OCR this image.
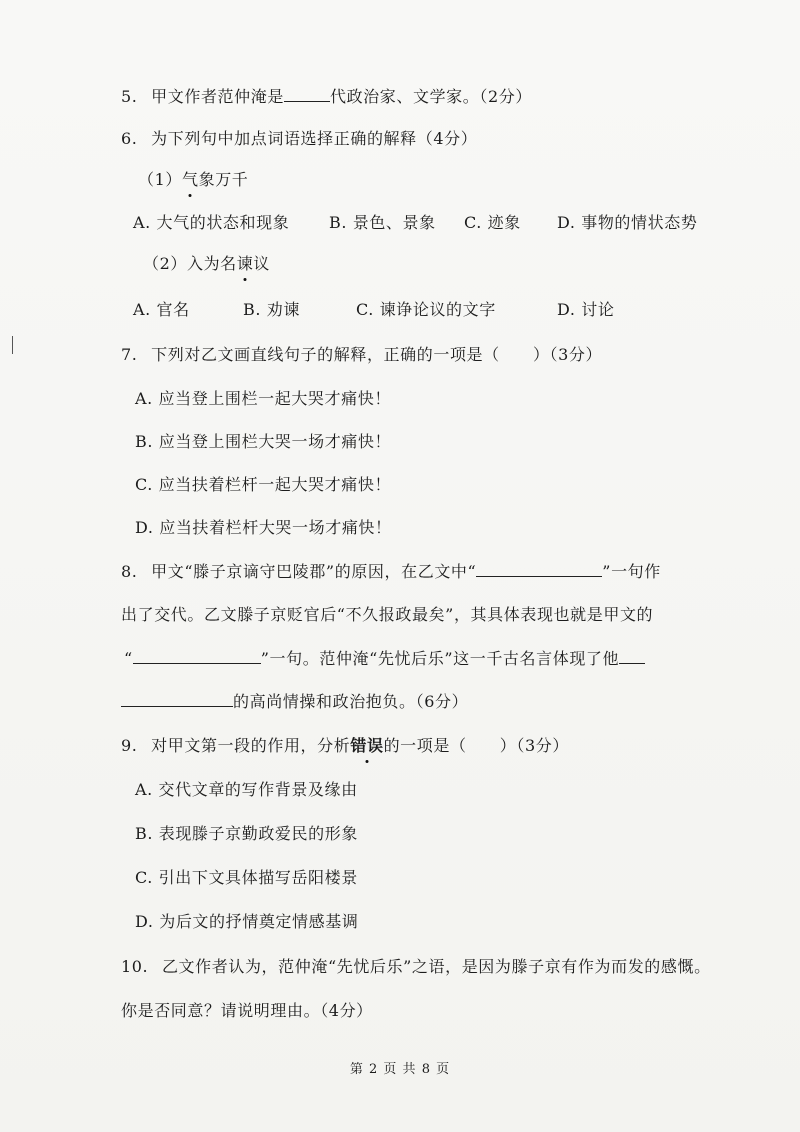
5. 甲文作者范仲淹是	代政治家、文学家。（2分）
6. 为下列句中加点词语选择正确的解释（4分）
（1）气象万千
A. 大气的状态和现象 B. 景色、景象 C. 迹象 D. 事物的情状态势
（2）入为名谏议
A. 官名	B. 劝谏	C. 谏诤论议的文字	D. 讨论
7. 下列对乙文画直线句子的解释，正确的一项是（　　）（3分）
A. 应当登上围栏一起大哭才痛快！
B. 应当登上围栏大哭一场才痛快！
C. 应当扶着栏杆一起大哭才痛快！
D. 应当扶着栏杆大哭一场才痛快！
8. 甲文“滕子京谪守巴陵郡”的原因，在乙文中“	”一句作
出了交代。乙文滕子京贬官后“不久报政最矣”，其具体表现也就是甲文的
“	”一句。范仲淹“先忧后乐”这一千古名言体现了他
的高尚情操和政治抱负。（6分）
9. 对甲文第一段的作用，分析错误的一项是（　　）（3分）
A. 交代文章的写作背景及缘由
B. 表现滕子京勤政爱民的形象
C. 引出下文具体描写岳阳楼景
D. 为后文的抒情奠定情感基调
10. 乙文作者认为，范仲淹“先忧后乐”之语，是因为滕子京有作为而发的感慨。
你是否同意？请说明理由。（4分）
第 2 页 共 8 页
